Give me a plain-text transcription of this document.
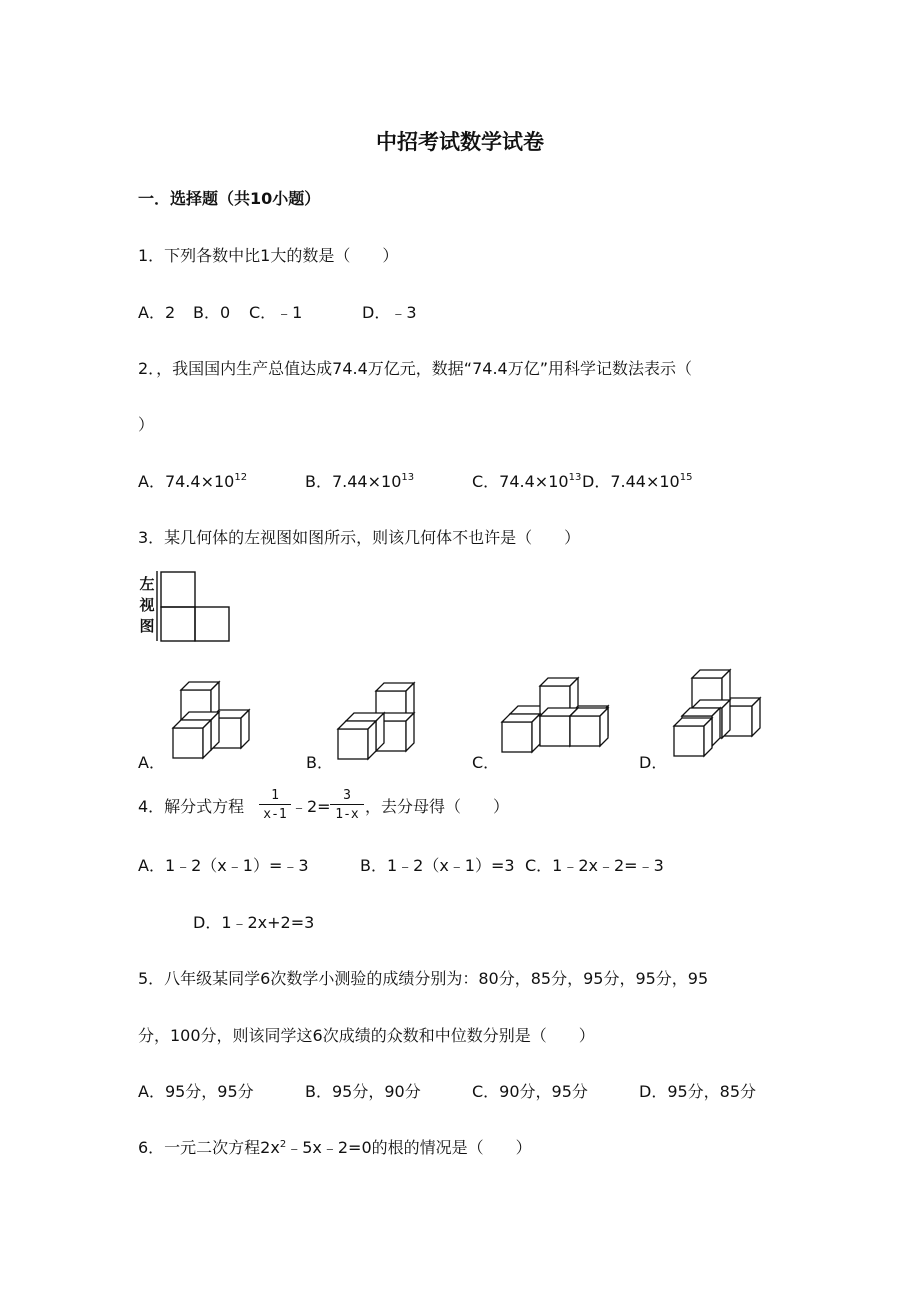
中招考试数学试卷
一．选择题（共10小题）
1．下列各数中比1大的数是（　　）
A．2 B．0 C．﹣1	D．﹣3
2．，我国国内生产总值达成74.4万亿元，数据“74.4万亿”用科学记数法表示（
）
A．$74.4\times 10^{12}$	B．$7.44\times 10^{13}$	C．$74.4\times 10^{13}$ D．$7.44\times 10^{15}$
3．某几何体的左视图如图所示，则该几何体不也许是（　　）
左
视
图
A．	B．	C．	D．
4．解分式方程 $\frac{1}{x-1}$ ﹣2= $\frac{3}{1-x}$ ，去分母得（　　）
A．1﹣2（x﹣1）=﹣3	B．1﹣2（x﹣1）=3 C．1﹣2x﹣2=﹣3
D．1﹣2x+2=3
5．八年级某同学6次数学小测验的成绩分别为：80分，85分，95分，95分，95
分，100分，则该同学这6次成绩的众数和中位数分别是（　　）
A．95分，95分	B．95分，90分	C．90分，95分	D．95分，85分
6．一元二次方程$2x^2﹣5x﹣2=0$的根的情况是（　　）
